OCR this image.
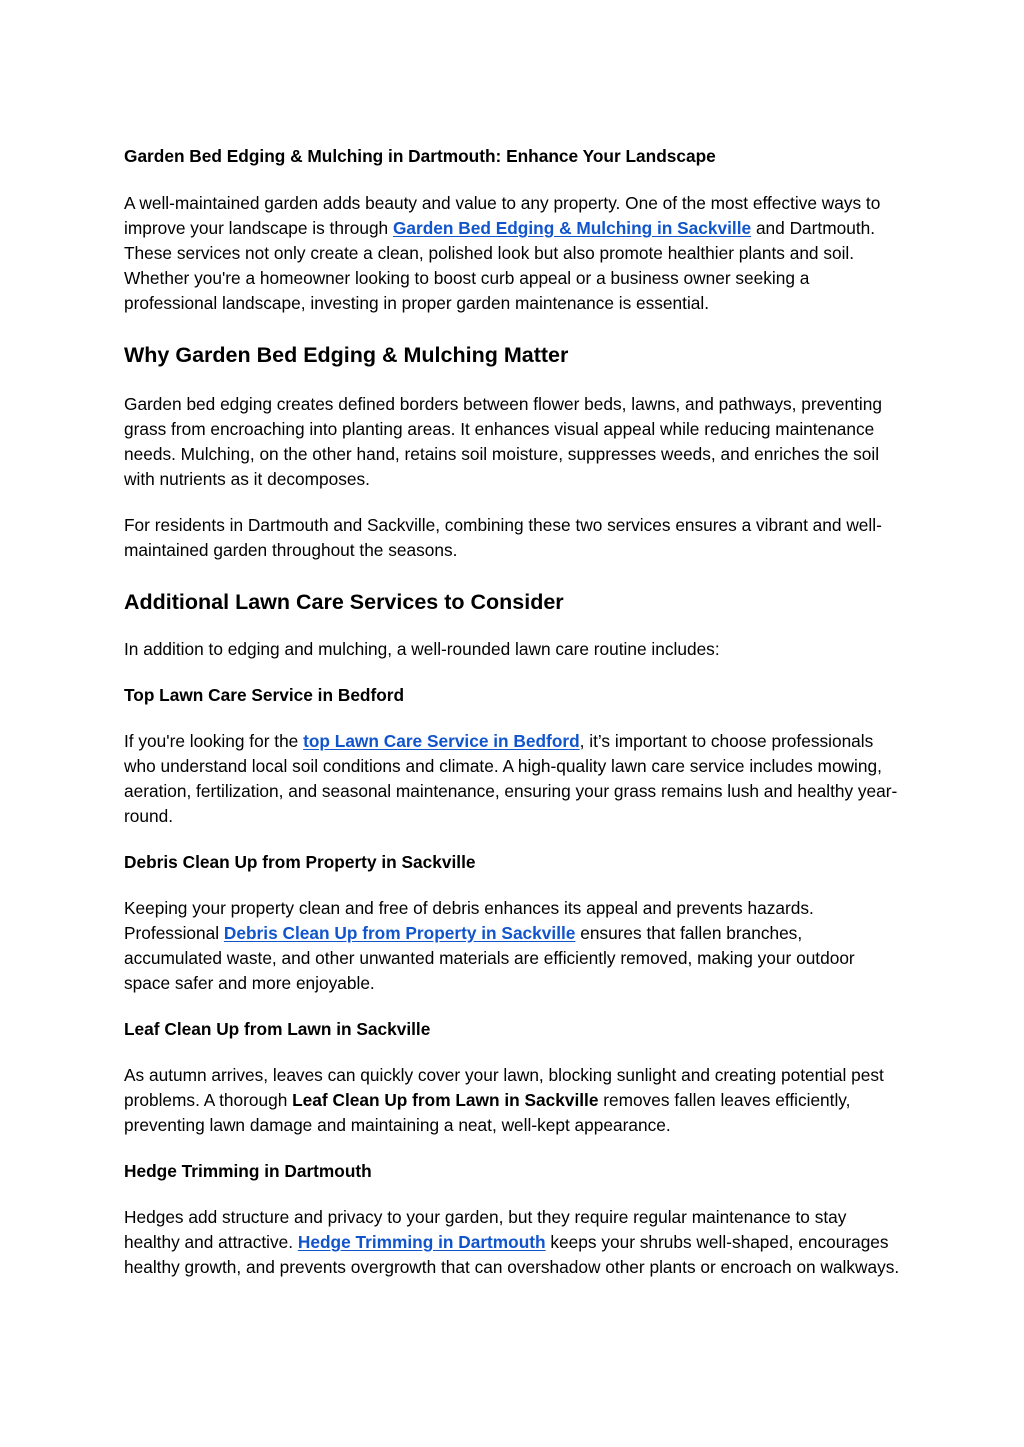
Garden Bed Edging & Mulching in Dartmouth: Enhance Your Landscape

A well-maintained garden adds beauty and value to any property. One of the most effective ways to improve your landscape is through Garden Bed Edging & Mulching in Sackville and Dartmouth. These services not only create a clean, polished look but also promote healthier plants and soil. Whether you're a homeowner looking to boost curb appeal or a business owner seeking a professional landscape, investing in proper garden maintenance is essential.

Why Garden Bed Edging & Mulching Matter

Garden bed edging creates defined borders between flower beds, lawns, and pathways, preventing grass from encroaching into planting areas. It enhances visual appeal while reducing maintenance needs. Mulching, on the other hand, retains soil moisture, suppresses weeds, and enriches the soil with nutrients as it decomposes.

For residents in Dartmouth and Sackville, combining these two services ensures a vibrant and well-maintained garden throughout the seasons.

Additional Lawn Care Services to Consider

In addition to edging and mulching, a well-rounded lawn care routine includes:

Top Lawn Care Service in Bedford

If you're looking for the top Lawn Care Service in Bedford, it’s important to choose professionals who understand local soil conditions and climate. A high-quality lawn care service includes mowing, aeration, fertilization, and seasonal maintenance, ensuring your grass remains lush and healthy year-round.

Debris Clean Up from Property in Sackville

Keeping your property clean and free of debris enhances its appeal and prevents hazards. Professional Debris Clean Up from Property in Sackville ensures that fallen branches, accumulated waste, and other unwanted materials are efficiently removed, making your outdoor space safer and more enjoyable.

Leaf Clean Up from Lawn in Sackville

As autumn arrives, leaves can quickly cover your lawn, blocking sunlight and creating potential pest problems. A thorough Leaf Clean Up from Lawn in Sackville removes fallen leaves efficiently, preventing lawn damage and maintaining a neat, well-kept appearance.

Hedge Trimming in Dartmouth

Hedges add structure and privacy to your garden, but they require regular maintenance to stay healthy and attractive. Hedge Trimming in Dartmouth keeps your shrubs well-shaped, encourages healthy growth, and prevents overgrowth that can overshadow other plants or encroach on walkways.
